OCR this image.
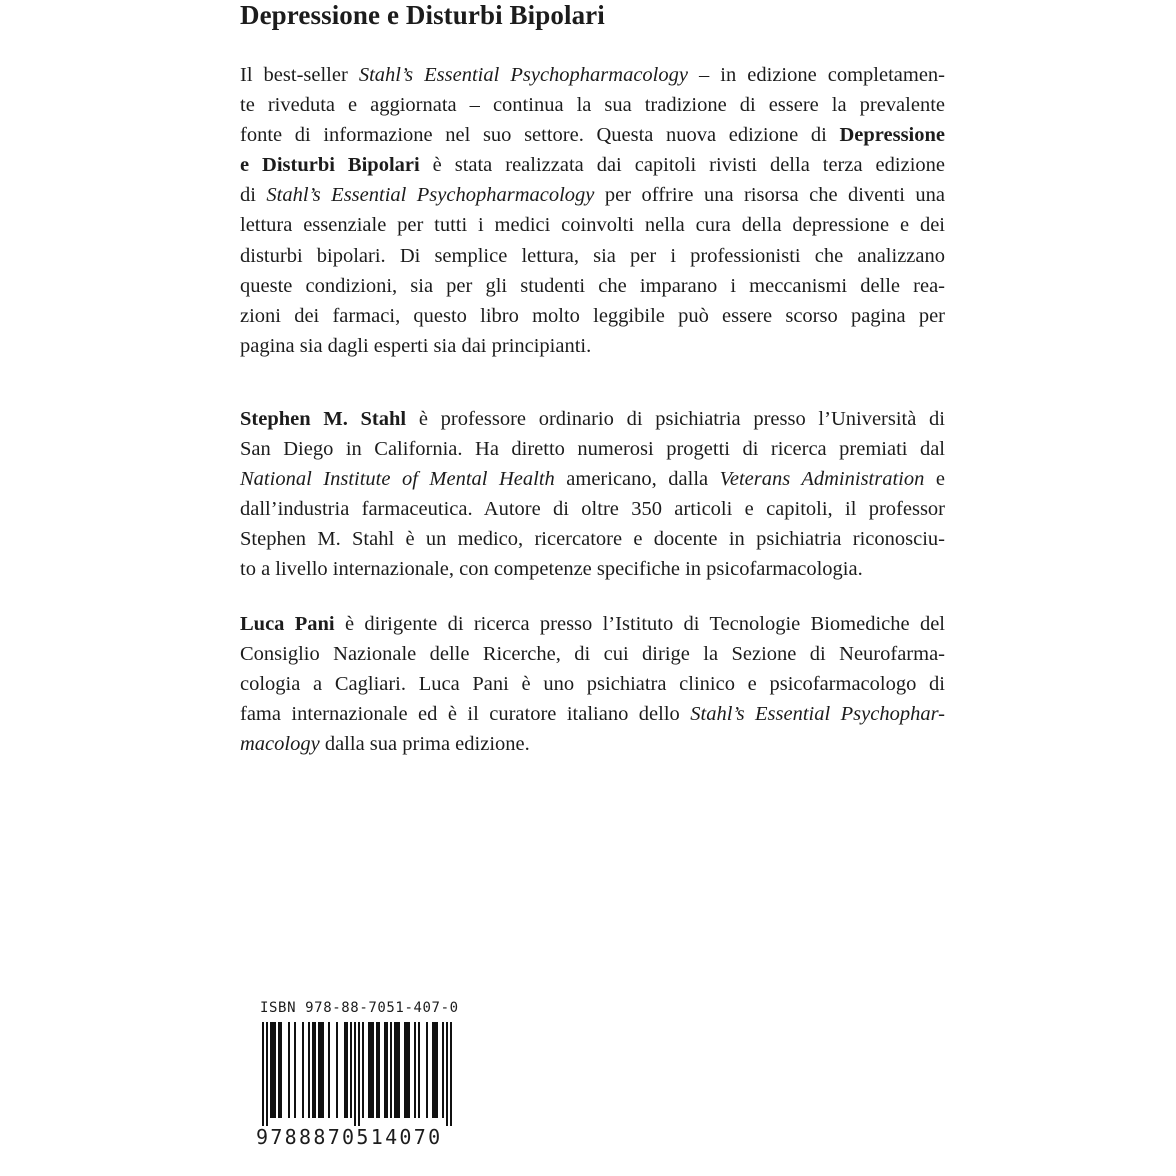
Depressione e Disturbi Bipolari
Il best-seller Stahl’s Essential Psychopharmacology – in edizione completamen-
te riveduta e aggiornata – continua la sua tradizione di essere la prevalente
fonte di informazione nel suo settore. Questa nuova edizione di Depressione
e Disturbi Bipolari è stata realizzata dai capitoli rivisti della terza edizione
di Stahl’s Essential Psychopharmacology per offrire una risorsa che diventi una
lettura essenziale per tutti i medici coinvolti nella cura della depressione e dei
disturbi bipolari. Di semplice lettura, sia per i professionisti che analizzano
queste condizioni, sia per gli studenti che imparano i meccanismi delle rea-
zioni dei farmaci, questo libro molto leggibile può essere scorso pagina per
pagina sia dagli esperti sia dai principianti.
Stephen M. Stahl è professore ordinario di psichiatria presso l’Università di
San Diego in California. Ha diretto numerosi progetti di ricerca premiati dal
National Institute of Mental Health americano, dalla Veterans Administration e
dall’industria farmaceutica. Autore di oltre 350 articoli e capitoli, il professor
Stephen M. Stahl è un medico, ricercatore e docente in psichiatria riconosciu-
to a livello internazionale, con competenze specifiche in psicofarmacologia.
Luca Pani è dirigente di ricerca presso l’Istituto di Tecnologie Biomediche del
Consiglio Nazionale delle Ricerche, di cui dirige la Sezione di Neurofarma-
cologia a Cagliari. Luca Pani è uno psichiatra clinico e psicofarmacologo di
fama internazionale ed è il curatore italiano dello Stahl’s Essential Psychophar-
macology dalla sua prima edizione.
ISBN 978-88-7051-407-0
9788870514070
